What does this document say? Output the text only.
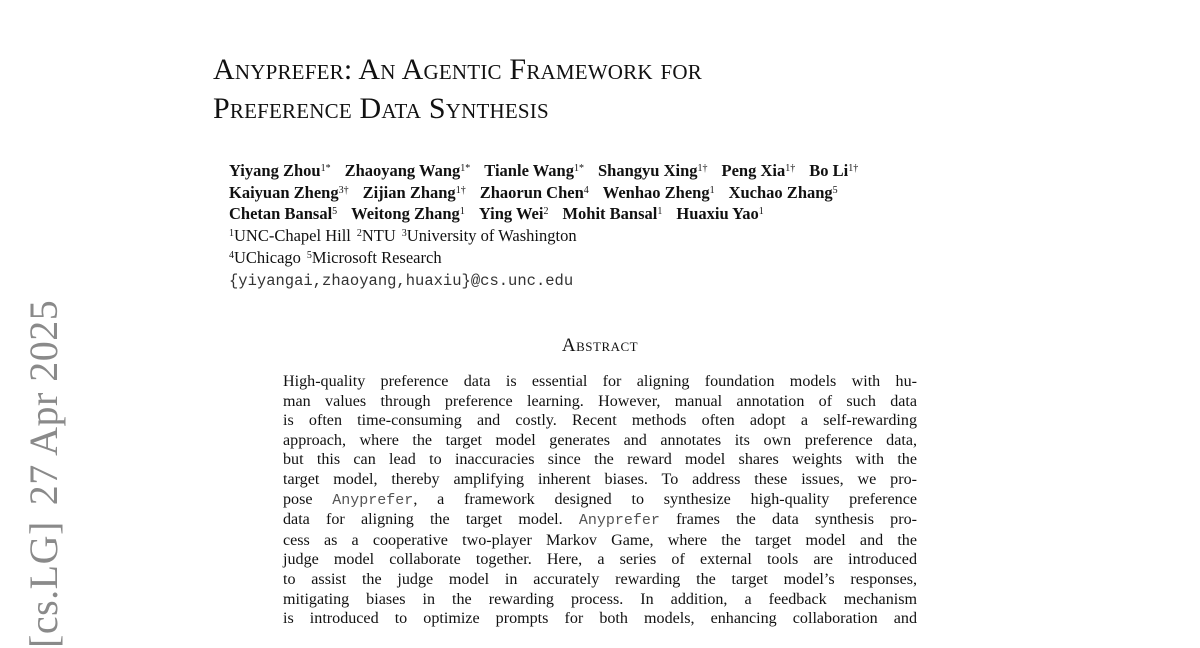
Anyprefer: An Agentic Framework for
Preference Data Synthesis
Yiyang Zhou$^{1*}$ Zhaoyang Wang$^{1*}$ Tianle Wang$^{1*}$ Shangyu Xing$^{1\dagger}$ Peng Xia$^{1\dagger}$ Bo $Li^{1\dagger}$
Kaiyuan Zheng$^{3\dagger}$ Zijian Zhang$^{1\dagger}$ Zhaorun Chen$^4$ Wenhao Zheng$^1$ Xuchao Zhang$^5$
Chetan Bansal$^5$ Weitong Zhang$^1$ Ying Wei$^2$ Mohit Bansal$^1$ Huaxiu Yao$^1$
$^1$UNC-Chapel Hill $^2$NTU $^3$University of Washington
$^4$UChicago $^5$Microsoft Research
{yiyangai,zhaoyang,huaxiu}@cs.unc.edu
Abstract
High-quality preference data is essential for aligning foundation models with hu-
man values through preference learning. However, manual annotation of such data
is often time-consuming and costly. Recent methods often adopt a self-rewarding
approach, where the target model generates and annotates its own preference data,
but this can lead to inaccuracies since the reward model shares weights with the
target model, thereby amplifying inherent biases. To address these issues, we pro-
pose Anyprefer, a framework designed to synthesize high-quality preference
data for aligning the target model. Anyprefer frames the data synthesis pro-
cess as a cooperative two-player Markov Game, where the target model and the
judge model collaborate together. Here, a series of external tools are introduced
to assist the judge model in accurately rewarding the target model’s responses,
mitigating biases in the rewarding process. In addition, a feedback mechanism
is introduced to optimize prompts for both models, enhancing collaboration and
[cs.LG]27 Apr 2025
